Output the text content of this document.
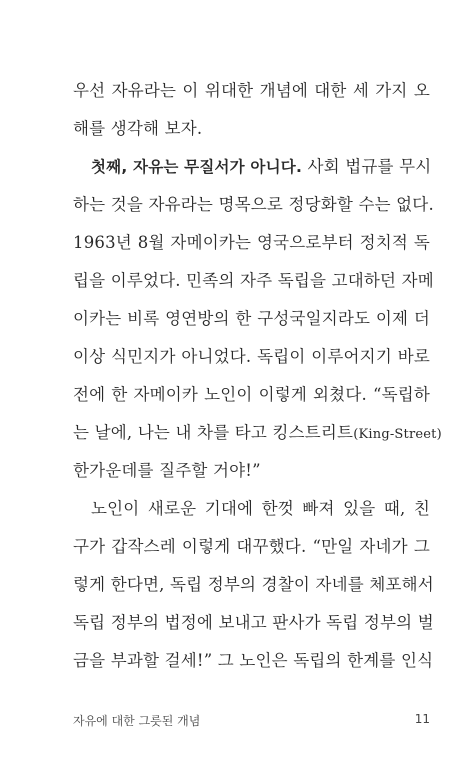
우선 자유라는 이 위대한 개념에 대한 세 가지 오
해를 생각해 보자.
첫째, 자유는 무질서가 아니다. 사회 법규를 무시
하는 것을 자유라는 명목으로 정당화할 수는 없다.
1963년 8월 자메이카는 영국으로부터 정치적 독
립을 이루었다. 민족의 자주 독립을 고대하던 자메
이카는 비록 영연방의 한 구성국일지라도 이제 더
이상 식민지가 아니었다. 독립이 이루어지기 바로
전에 한 자메이카 노인이 이렇게 외쳤다. “독립하
는 날에, 나는 내 차를 타고 킹스트리트(King-Street)
한가운데를 질주할 거야!”
노인이 새로운 기대에 한껏 빠져 있을 때, 친
구가 갑작스레 이렇게 대꾸했다. “만일 자네가 그
렇게 한다면, 독립 정부의 경찰이 자네를 체포해서
독립 정부의 법정에 보내고 판사가 독립 정부의 벌
금을 부과할 걸세!” 그 노인은 독립의 한계를 인식
자유에 대한 그릇된 개념	11
